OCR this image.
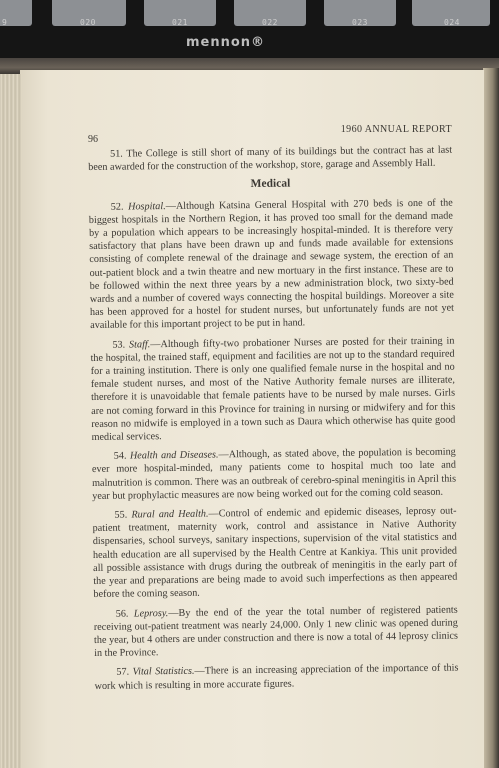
9	020	021	022	023	024
mennon®
96
1960 ANNUAL REPORT

51. The College is still short of many of its buildings but the contract has at last been awarded for the construction of the workshop, store, garage and Assembly Hall.

Medical

52. Hospital.—Although Katsina General Hospital with 270 beds is one of the biggest hospitals in the Northern Region, it has proved too small for the demand made by a population which appears to be increasingly hospital-minded. It is therefore very satisfactory that plans have been drawn up and funds made available for extensions consisting of complete renewal of the drainage and sewage system, the erection of an out-patient block and a twin theatre and new mortuary in the first instance. These are to be followed within the next three years by a new administration block, two sixty-bed wards and a number of covered ways connecting the hospital buildings. Moreover a site has been approved for a hostel for student nurses, but unfortunately funds are not yet available for this important project to be put in hand.

53. Staff.—Although fifty-two probationer Nurses are posted for their training in the hospital, the trained staff, equipment and facilities are not up to the standard required for a training institution. There is only one qualified female nurse in the hospital and no female student nurses, and most of the Native Authority female nurses are illiterate, therefore it is unavoidable that female patients have to be nursed by male nurses. Girls are not coming forward in this Province for training in nursing or midwifery and for this reason no midwife is employed in a town such as Daura which otherwise has quite good medical services.

54. Health and Diseases.—Although, as stated above, the population is becoming ever more hospital-minded, many patients come to hospital much too late and malnutrition is common. There was an outbreak of cerebro-spinal meningitis in April this year but prophylactic measures are now being worked out for the coming cold season.

55. Rural and Health.—Control of endemic and epidemic diseases, leprosy out-patient treatment, maternity work, control and assistance in Native Authority dispensaries, school surveys, sanitary inspections, supervision of the vital statistics and health education are all supervised by the Health Centre at Kankiya. This unit provided all possible assistance with drugs during the outbreak of meningitis in the early part of the year and preparations are being made to avoid such imperfections as then appeared before the coming season.

56. Leprosy.—By the end of the year the total number of registered patients receiving out-patient treatment was nearly 24,000. Only 1 new clinic was opened during the year, but 4 others are under construction and there is now a total of 44 leprosy clinics in the Province.

57. Vital Statistics.—There is an increasing appreciation of the importance of this work which is resulting in more accurate figures.
